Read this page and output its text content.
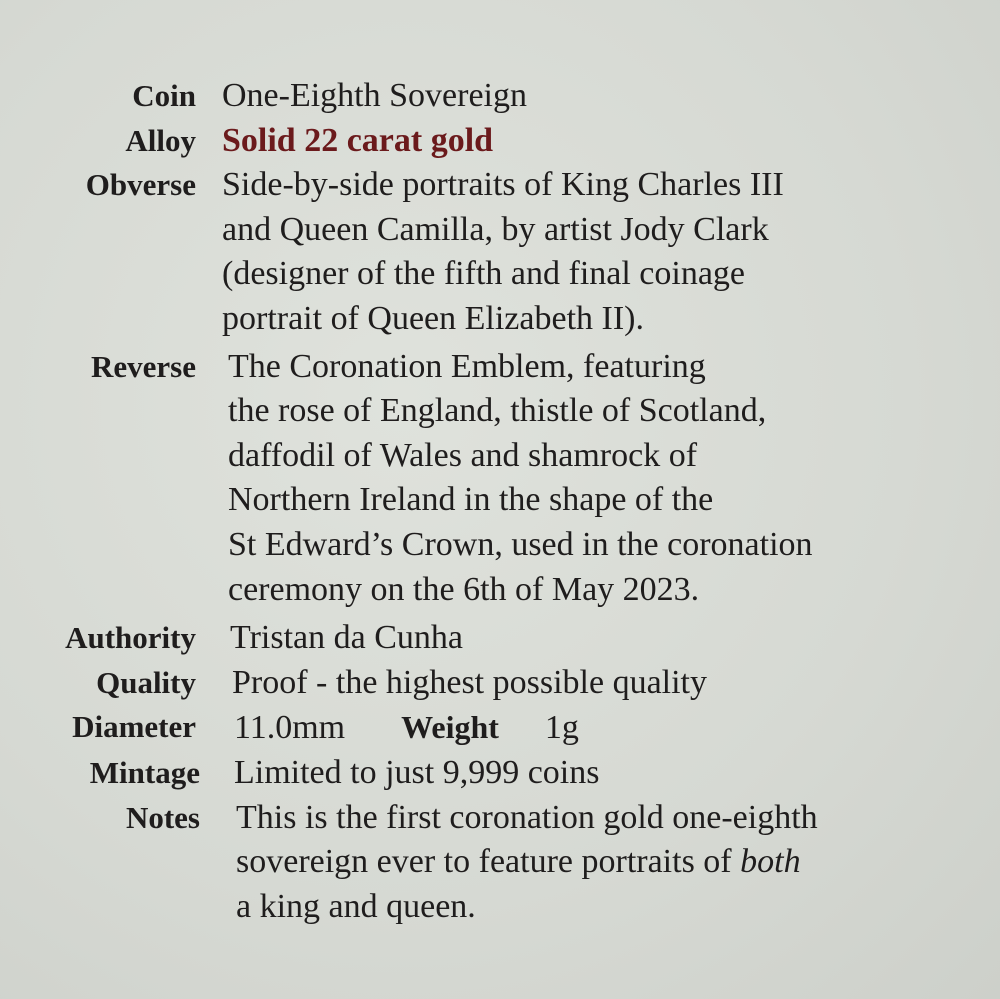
Coin One-Eighth Sovereign
Alloy Solid 22 carat gold
Obverse Side-by-side portraits of King Charles III
and Queen Camilla, by artist Jody Clark
(designer of the fifth and final coinage
portrait of Queen Elizabeth II).
Reverse The Coronation Emblem, featuring
the rose of England, thistle of Scotland,
daffodil of Wales and shamrock of
Northern Ireland in the shape of the
St Edward’s Crown, used in the coronation
ceremony on the 6th of May 2023.
Authority Tristan da Cunha
Quality Proof - the highest possible quality
Diameter 11.0mm Weight 1g
Mintage Limited to just 9,999 coins
Notes This is the first coronation gold one-eighth
sovereign ever to feature portraits of both
a king and queen.
